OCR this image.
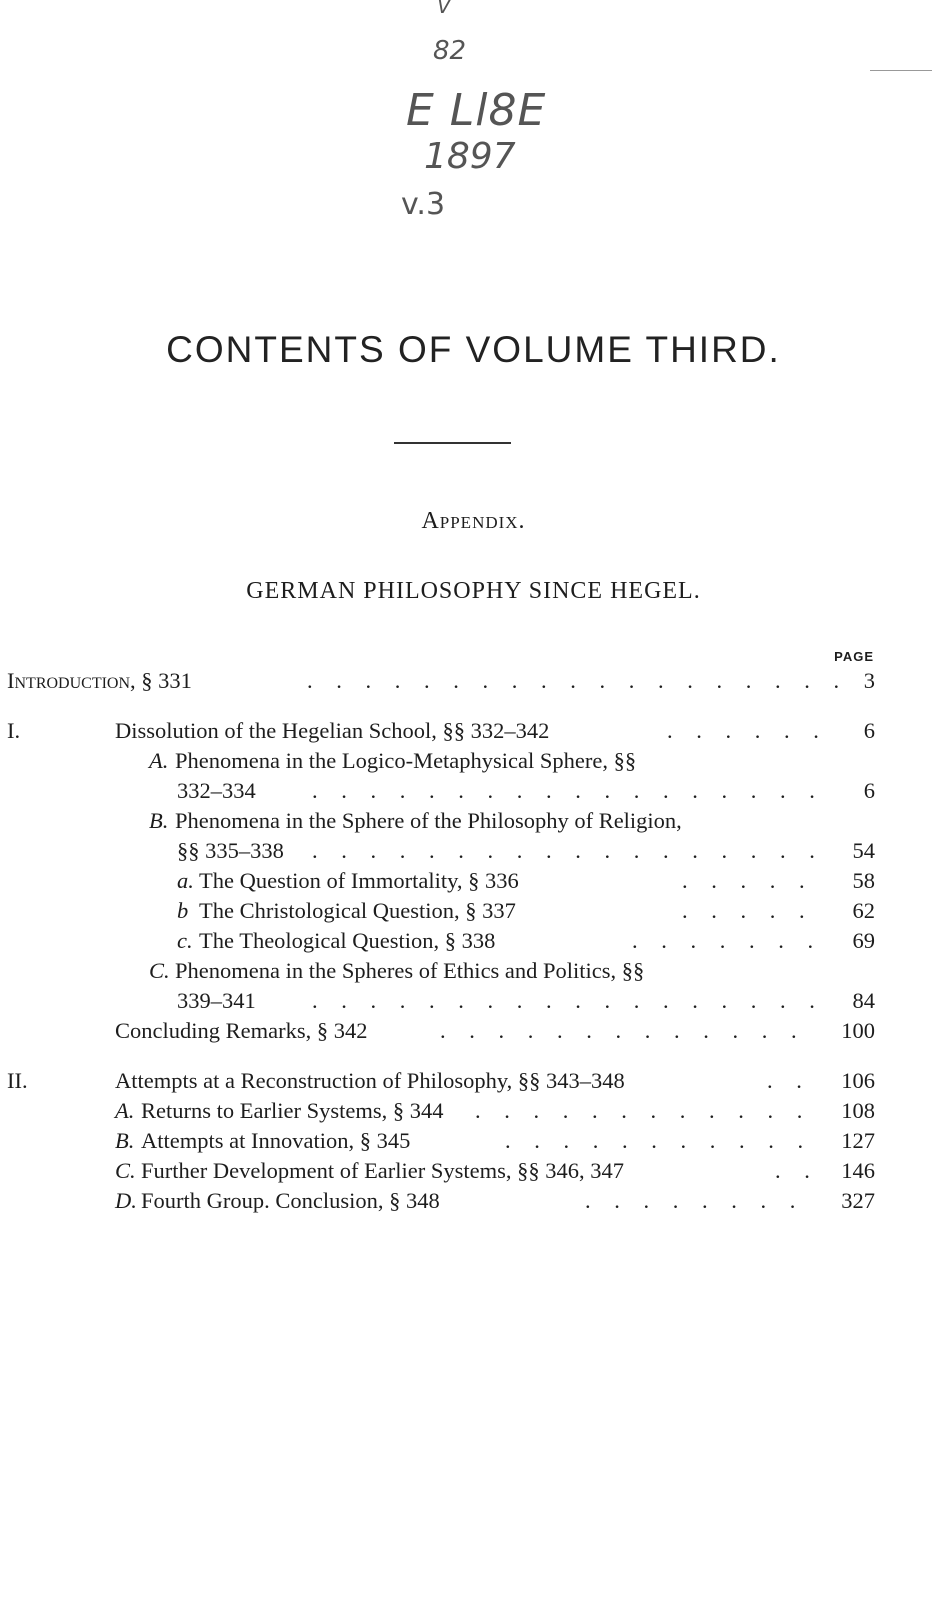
V
82
E Ll8E
1897
v.3
CONTENTS OF VOLUME THIRD.
Appendix.
GERMAN PHILOSOPHY SINCE HEGEL.
PAGE
Introduction, § 331	. . . . . . . . . . . . . . . . . . . 3
I.	Dissolution of the Hegelian School, §§ 332–342	. . . . . . 6
A. Phenomena in the Logico-Metaphysical Sphere, §§
332–334	. . . . . . . . . . . . . . . . . . 6
B. Phenomena in the Sphere of the Philosophy of Religion,
§§ 335–338 . . . . . . . . . . . . . . . . . . 54
a. The Question of Immortality, § 336	. . . . . 58
b The Christological Question, § 337	. . . . . 62
c. The Theological Question, § 338	. . . . . . . 69
C. Phenomena in the Spheres of Ethics and Politics, §§
339–341	. . . . . . . . . . . . . . . . . . 84
Concluding Remarks, § 342	. . . . . . . . . . . . . 100
II.	Attempts at a Reconstruction of Philosophy, §§ 343–348	. . 106
A. Returns to Earlier Systems, § 344 . . . . . . . . . . . . 108
B. Attempts at Innovation, § 345	. . . . . . . . . . . 127
C. Further Development of Earlier Systems, §§ 346, 347	. . 146
D. Fourth Group. Conclusion, § 348	. . . . . . . . 327
